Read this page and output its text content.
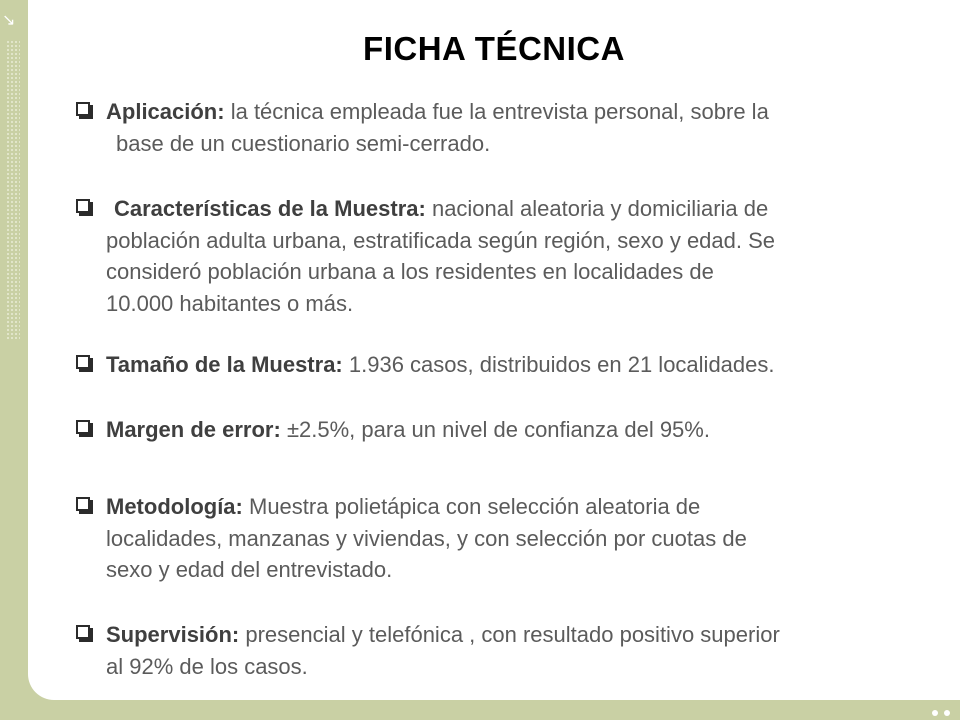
↘
FICHA TÉCNICA
Aplicación: la técnica empleada fue la entrevista personal, sobre la
base de un cuestionario semi-cerrado.
Características de la Muestra: nacional aleatoria y domiciliaria de
población adulta urbana, estratificada según región, sexo y edad. Se
consideró población urbana a los residentes en localidades de
10.000 habitantes o más.
Tamaño de la Muestra: 1.936 casos, distribuidos en 21 localidades.
Margen de error: ±2.5%, para un nivel de confianza del 95%.
Metodología: Muestra polietápica con selección aleatoria de
localidades, manzanas y viviendas, y con selección por cuotas de
sexo y edad del entrevistado.
Supervisión: presencial y telefónica , con resultado positivo superior
al 92% de los casos.
